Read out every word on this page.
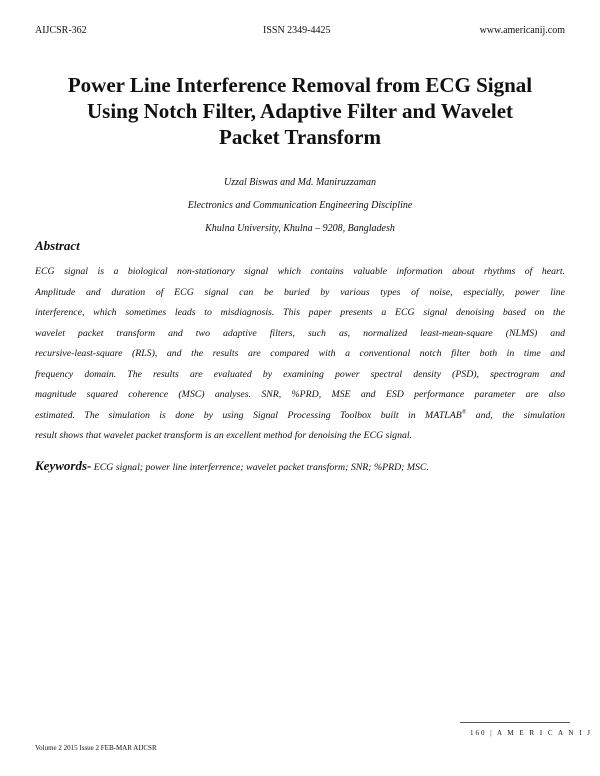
AIJCSR-362	ISSN 2349-4425	www.americanij.com
Power Line Interference Removal from ECG Signal
Using Notch Filter, Adaptive Filter and Wavelet
Packet Transform
Uzzal Biswas and Md. Maniruzzaman
Electronics and Communication Engineering Discipline
Khulna University, Khulna – 9208, Bangladesh
Abstract
ECG signal is a biological non-stationary signal which contains valuable information about rhythms of heart.
Amplitude and duration of ECG signal can be buried by various types of noise, especially, power line
interference, which sometimes leads to misdiagnosis. This paper presents a ECG signal denoising based on the
wavelet packet transform and two adaptive filters, such as, normalized least-mean-square (NLMS) and
recursive-least-square (RLS), and the results are compared with a conventional notch filter both in time and
frequency domain. The results are evaluated by examining power spectral density (PSD), spectrogram and
magnitude squared coherence (MSC) analyses. SNR, %PRD, MSE and ESD performance parameter are also
estimated. The simulation is done by using Signal Processing Toolbox built in MATLAB® and, the simulation
result shows that wavelet packet transform is an excellent method for denoising the ECG signal.
Keywords- ECG signal; power line interferrence; wavelet packet transform; SNR; %PRD; MSC.
160 | A M E R I C A N I J
Volume 2 2015 Issue 2 FEB-MAR AIJCSR
